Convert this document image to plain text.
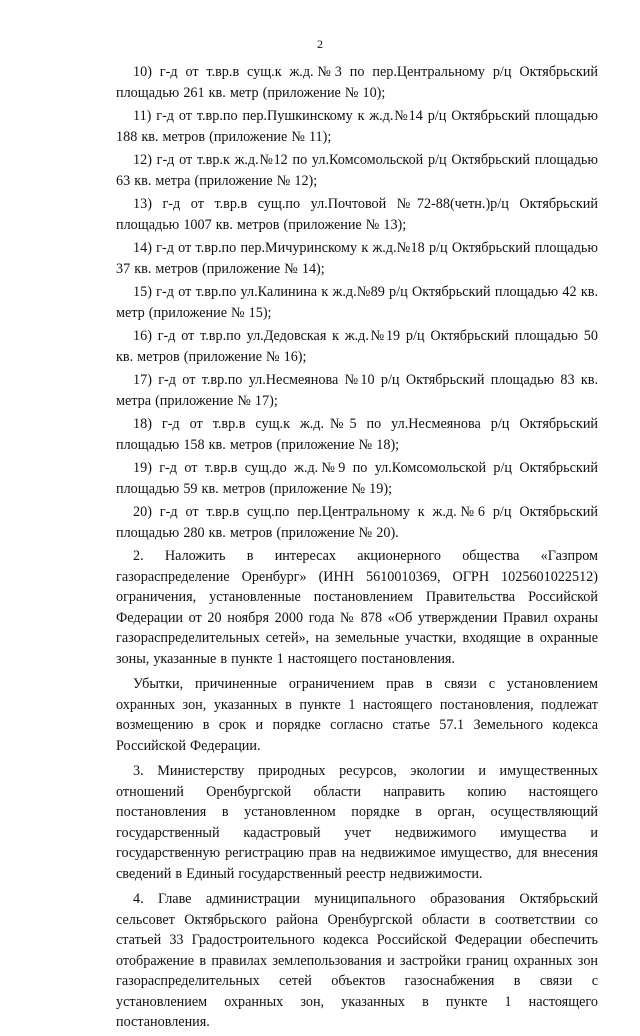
2

10) г-д от т.вр.в сущ.к ж.д.№3 по пер.Центральному р/ц Октябрьский площадью 261 кв. метр (приложение № 10);

11) г-д от т.вр.по пер.Пушкинскому к ж.д.№14 р/ц Октябрьский площадью 188 кв. метров (приложение № 11);

12) г-д от т.вр.к ж.д.№12 по ул.Комсомольской р/ц Октябрьский площадью 63 кв. метра (приложение № 12);

13) г-д от т.вр.в сущ.по ул.Почтовой №72-88(четн.)р/ц Октябрьский площадью 1007 кв. метров (приложение № 13);

14) г-д от т.вр.по пер.Мичуринскому к ж.д.№18 р/ц Октябрьский площадью 37 кв. метров (приложение № 14);

15) г-д от т.вр.по ул.Калинина к ж.д.№89 р/ц Октябрьский площадью 42 кв. метр (приложение № 15);

16) г-д от т.вр.по ул.Дедовская к ж.д.№19 р/ц Октябрьский площадью 50 кв. метров (приложение № 16);

17) г-д от т.вр.по ул.Несмеянова №10 р/ц Октябрьский площадью 83 кв. метра (приложение № 17);

18) г-д от т.вр.в сущ.к ж.д.№5 по ул.Несмеянова р/ц Октябрьский площадью 158 кв. метров (приложение № 18);

19) г-д от т.вр.в сущ.до ж.д.№9 по ул.Комсомольской р/ц Октябрьский площадью 59 кв. метров (приложение № 19);

20) г-д от т.вр.в сущ.по пер.Центральному к ж.д.№6 р/ц Октябрьский площадью 280 кв. метров (приложение № 20).

2. Наложить в интересах акционерного общества «Газпром газораспределение Оренбург» (ИНН 5610010369, ОГРН 1025601022512) ограничения, установленные постановлением Правительства Российской Федерации от 20 ноября 2000 года № 878 «Об утверждении Правил охраны газораспределительных сетей», на земельные участки, входящие в охранные зоны, указанные в пункте 1 настоящего постановления.

Убытки, причиненные ограничением прав в связи с установлением охранных зон, указанных в пункте 1 настоящего постановления, подлежат возмещению в срок и порядке согласно статье 57.1 Земельного кодекса Российской Федерации.

3. Министерству природных ресурсов, экологии и имущественных отношений Оренбургской области направить копию настоящего постановления в установленном порядке в орган, осуществляющий государственный кадастровый учет недвижимого имущества и государственную регистрацию прав на недвижимое имущество, для внесения сведений в Единый государственный реестр недвижимости.

4. Главе администрации муниципального образования Октябрьский сельсовет Октябрьского района Оренбургской области в соответствии со статьей 33 Градостроительного кодекса Российской Федерации обеспечить отображение в правилах землепользования и застройки границ охранных зон газораспределительных сетей объектов газоснабжения в связи с установлением охранных зон, указанных в пункте 1 настоящего постановления.
